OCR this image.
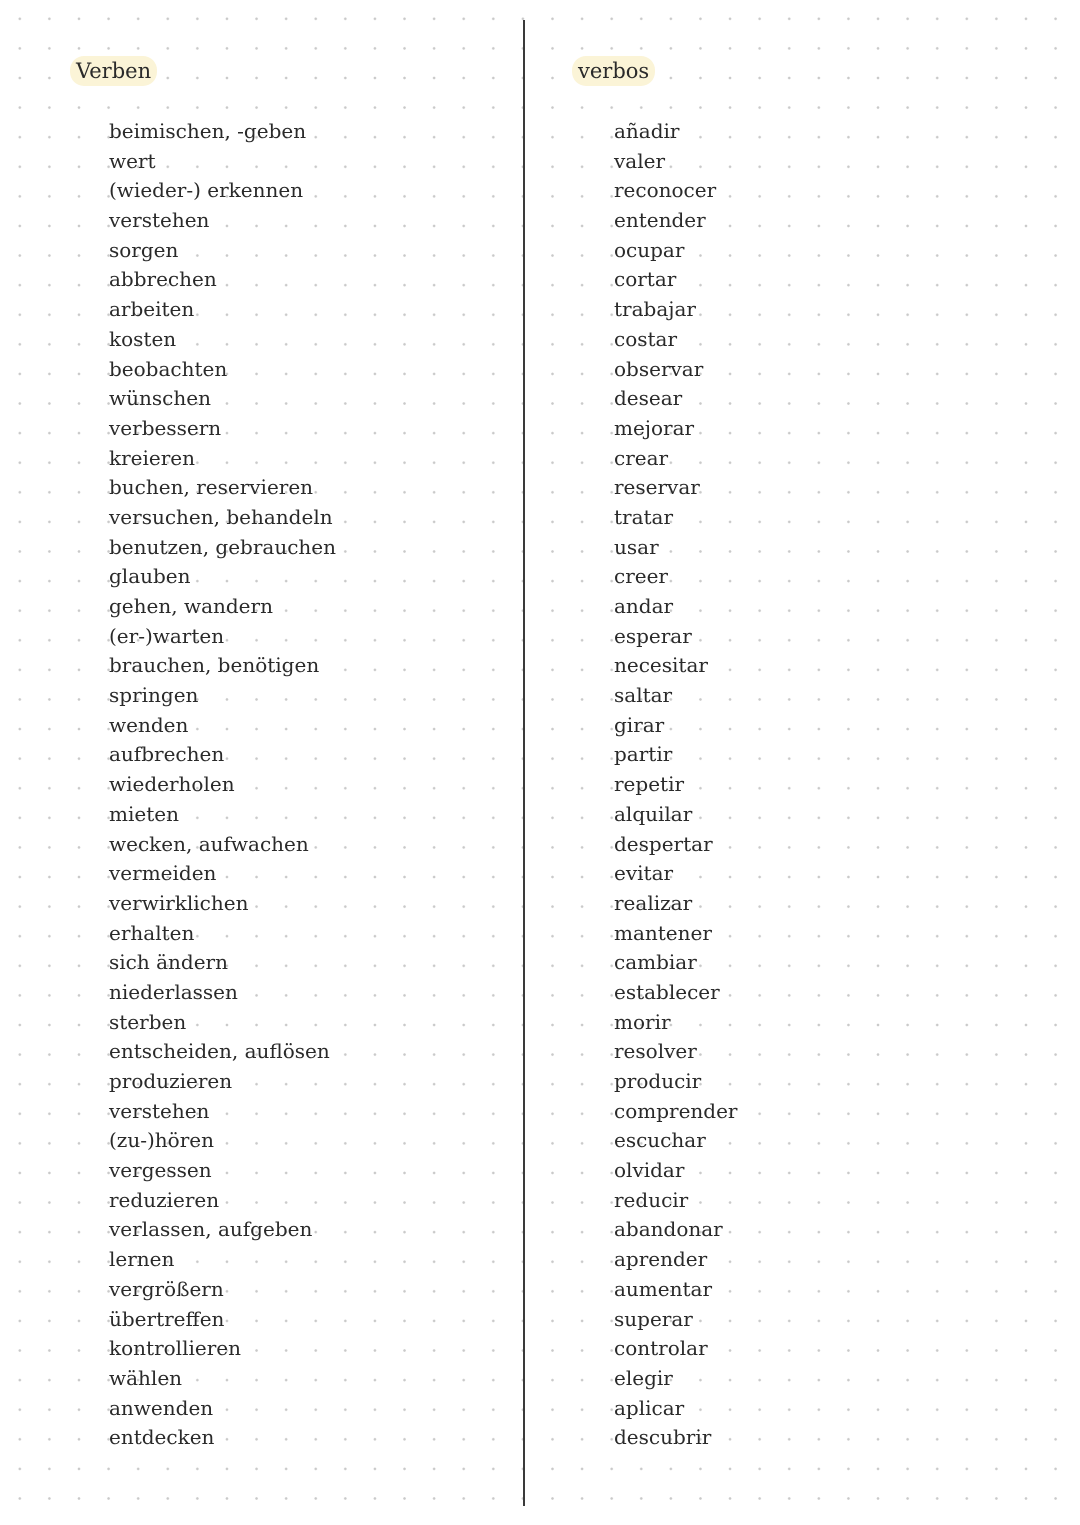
Verben
beimischen, -geben
wert
(wieder-) erkennen
verstehen
sorgen
abbrechen
arbeiten
kosten
beobachten
wünschen
verbessern
kreieren
buchen, reservieren
versuchen, behandeln
benutzen, gebrauchen
glauben
gehen, wandern
(er-)warten
brauchen, benötigen
springen
wenden
aufbrechen
wiederholen
mieten
wecken, aufwachen
vermeiden
verwirklichen
erhalten
sich ändern
niederlassen
sterben
entscheiden, auflösen
produzieren
verstehen
(zu-)hören
vergessen
reduzieren
verlassen, aufgeben
lernen
vergrößern
übertreffen
kontrollieren
wählen
anwenden
entdecken
verbos
añadir
valer
reconocer
entender
ocupar
cortar
trabajar
costar
observar
desear
mejorar
crear
reservar
tratar
usar
creer
andar
esperar
necesitar
saltar
girar
partir
repetir
alquilar
despertar
evitar
realizar
mantener
cambiar
establecer
morir
resolver
producir
comprender
escuchar
olvidar
reducir
abandonar
aprender
aumentar
superar
controlar
elegir
aplicar
descubrir
